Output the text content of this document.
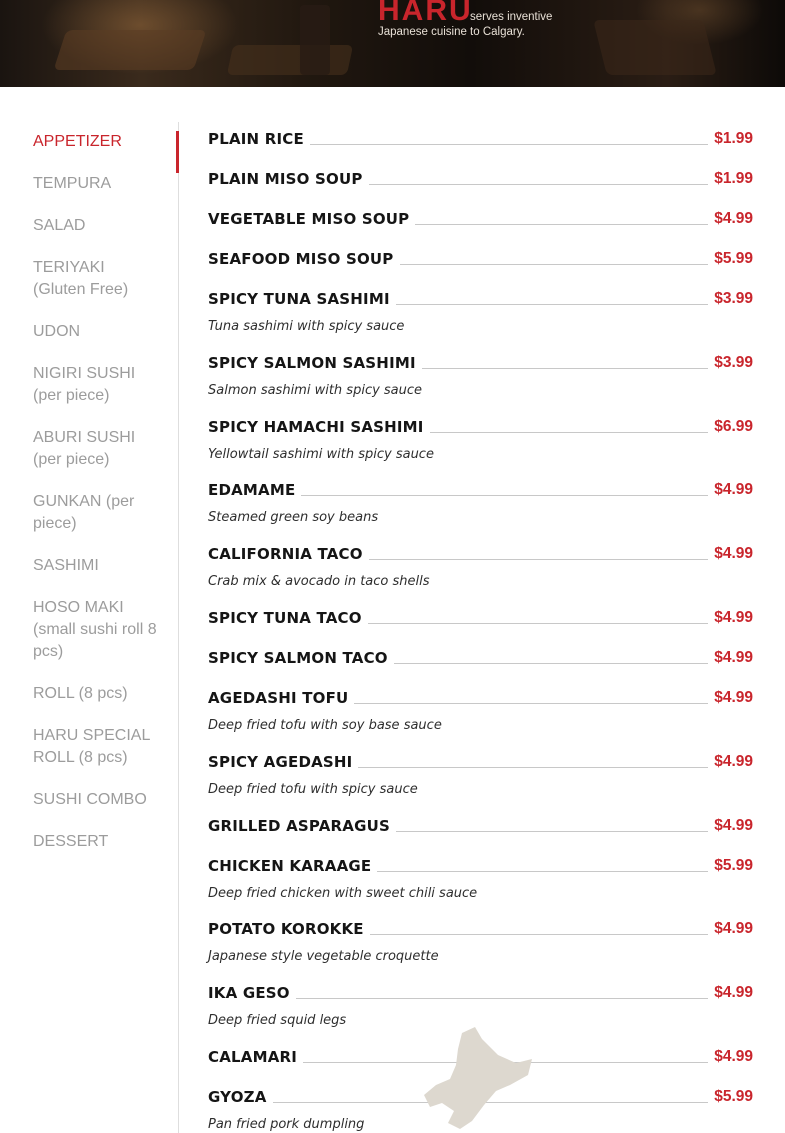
HARU
serves inventive
Japanese cuisine to Calgary.
APPETIZER
TEMPURA
SALAD
TERIYAKI (Gluten Free)
UDON
NIGIRI SUSHI (per piece)
ABURI SUSHI (per piece)
GUNKAN (per piece)
SASHIMI
HOSO MAKI (small sushi roll 8 pcs)
ROLL (8 pcs)
HARU SPECIAL ROLL (8 pcs)
SUSHI COMBO
DESSERT
PLAIN RICE	$1.99
PLAIN MISO SOUP	$1.99
VEGETABLE MISO SOUP	$4.99
SEAFOOD MISO SOUP	$5.99
SPICY TUNA SASHIMI	$3.99
Tuna sashimi with spicy sauce
SPICY SALMON SASHIMI	$3.99
Salmon sashimi with spicy sauce
SPICY HAMACHI SASHIMI	$6.99
Yellowtail sashimi with spicy sauce
EDAMAME	$4.99
Steamed green soy beans
CALIFORNIA TACO	$4.99
Crab mix & avocado in taco shells
SPICY TUNA TACO	$4.99
SPICY SALMON TACO	$4.99
AGEDASHI TOFU	$4.99
Deep fried tofu with soy base sauce
SPICY AGEDASHI	$4.99
Deep fried tofu with spicy sauce
GRILLED ASPARAGUS	$4.99
CHICKEN KARAAGE	$5.99
Deep fried chicken with sweet chili sauce
POTATO KOROKKE	$4.99
Japanese style vegetable croquette
IKA GESO	$4.99
Deep fried squid legs
CALAMARI	$4.99
GYOZA	$5.99
Pan fried pork dumpling
